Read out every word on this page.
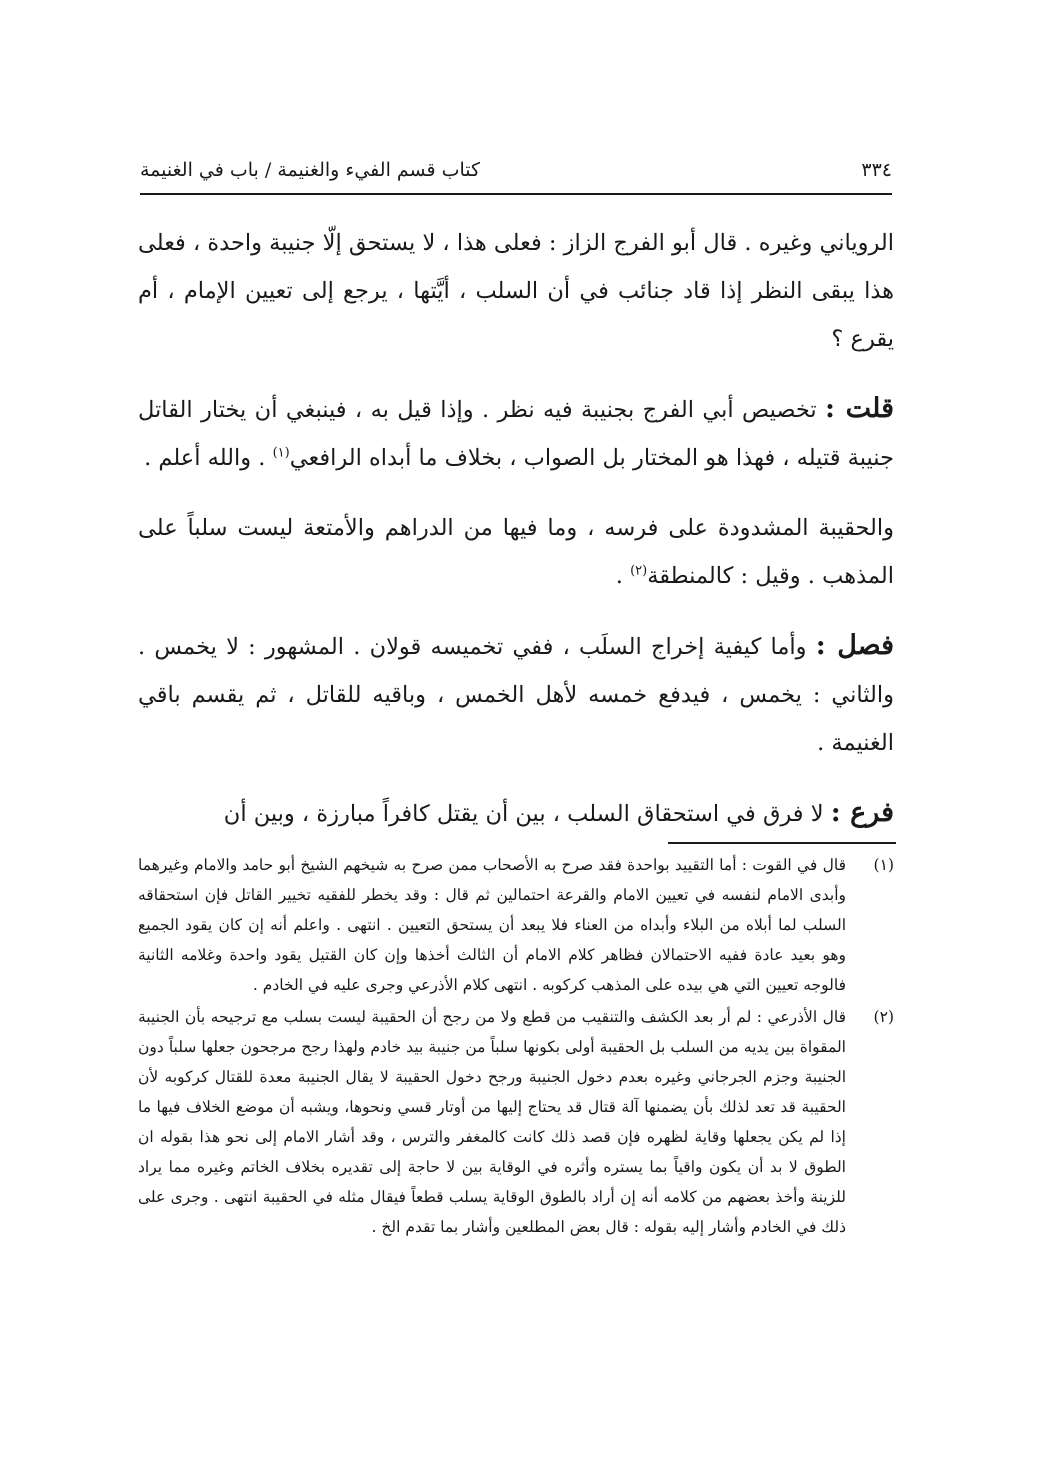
٣٣٤
كتاب قسم الفيء والغنيمة / باب في الغنيمة

الروياني وغيره . قال أبو الفرج الزاز : فعلى هذا ، لا يستحق إلّا جنيبة واحدة ، فعلى هذا يبقى النظر إذا قاد جنائب في أن السلب ، أيَّتها ، يرجع إلى تعيين الإمام ، أم يقرع ؟

قلت : تخصيص أبي الفرج بجنيبة فيه نظر . وإذا قيل به ، فينبغي أن يختار القاتل جنيبة قتيله ، فهذا هو المختار بل الصواب ، بخلاف ما أبداه الرافعي$^{(١)}$ . والله أعلم .

والحقيبة المشدودة على فرسه ، وما فيها من الدراهم والأمتعة ليست سلباً على المذهب . وقيل : كالمنطقة$^{(٢)}$ .

فصل : وأما كيفية إخراج السلَب ، ففي تخميسه قولان . المشهور : لا يخمس . والثاني : يخمس ، فيدفع خمسه لأهل الخمس ، وباقيه للقاتل ، ثم يقسم باقي الغنيمة .

فرع : لا فرق في استحقاق السلب ، بين أن يقتل كافراً مبارزة ، وبين أن

(١)

قال في القوت : أما التقييد بواحدة فقد صرح به الأصحاب ممن صرح به شيخهم الشيخ أبو حامد والامام وغيرهما وأبدى الامام لنفسه في تعيين الامام والقرعة احتمالين ثم قال : وقد يخطر للفقيه تخيير القاتل فإن استحقاقه السلب لما أبلاه من البلاء وأبداه من العناء فلا يبعد أن يستحق التعيين . انتهى . واعلم أنه إن كان يقود الجميع وهو بعيد عادة ففيه الاحتمالان فظاهر كلام الامام أن الثالث أخذها وإن كان القتيل يقود واحدة وغلامه الثانية فالوجه تعيين التي هي بيده على المذهب كركوبه . انتهى كلام الأذرعي وجرى عليه في الخادم .

(٢)

قال الأذرعي : لم أر بعد الكشف والتنقيب من قطع ولا من رجح أن الحقيبة ليست بسلب مع ترجيحه بأن الجنيبة المقواة بين يديه من السلب بل الحقيبة أولى بكونها سلباً من جنيبة بيد خادم ولهذا رجح مرجحون جعلها سلباً دون الجنيبة وجزم الجرجاني وغيره بعدم دخول الجنيبة ورجح دخول الحقيبة لا يقال الجنيبة معدة للقتال كركوبه لأن الحقيبة قد تعد لذلك بأن يضمنها آلة قتال قد يحتاج إليها من أوتار قسي ونحوها، ويشبه أن موضع الخلاف فيها ما إذا لم يكن يجعلها وقاية لظهره فإن قصد ذلك كانت كالمغفر والترس ، وقد أشار الامام إلى نحو هذا بقوله ان الطوق لا بد أن يكون واقياً بما يستره وأثره في الوقاية بين لا حاجة إلى تقديره بخلاف الخاتم وغيره مما يراد للزينة وأخذ بعضهم من كلامه أنه إن أراد بالطوق الوقاية يسلب قطعاً فيقال مثله في الحقيبة انتهى . وجرى على ذلك في الخادم وأشار إليه بقوله : قال بعض المطلعين وأشار بما تقدم الخ .
